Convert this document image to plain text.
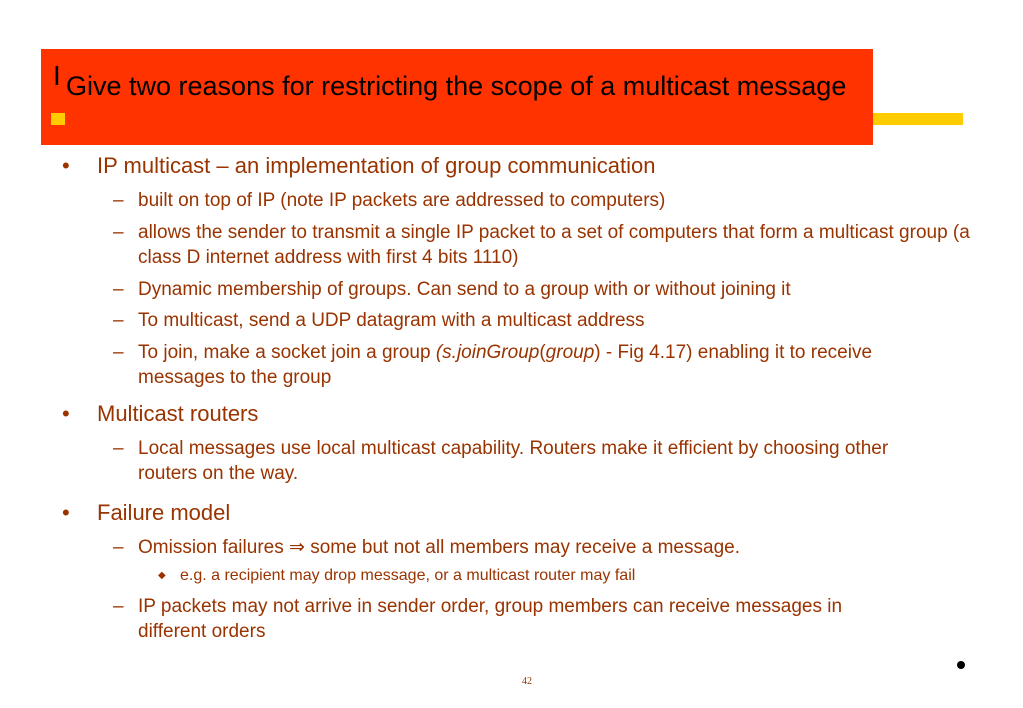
I Give two reasons for restricting the scope of a multicast message
• IP multicast – an implementation of group communication
– built on top of IP (note IP packets are addressed to computers)
– allows the sender to transmit a single IP packet to a set of computers that form a multicast group (a class D internet address with first 4 bits 1110)
– Dynamic membership of groups. Can send to a group with or without joining it
– To multicast, send a UDP datagram with a multicast address
– To join, make a socket join a group (s.joinGroup(group) - Fig 4.17) enabling it to receive messages to the group
• Multicast routers
– Local messages use local multicast capability. Routers make it efficient by choosing other routers on the way.
• Failure model
– Omission failures ⇒ some but not all members may receive a message.
◆ e.g. a recipient may drop message, or a multicast router may fail
– IP packets may not arrive in sender order, group members can receive messages in different orders
42
